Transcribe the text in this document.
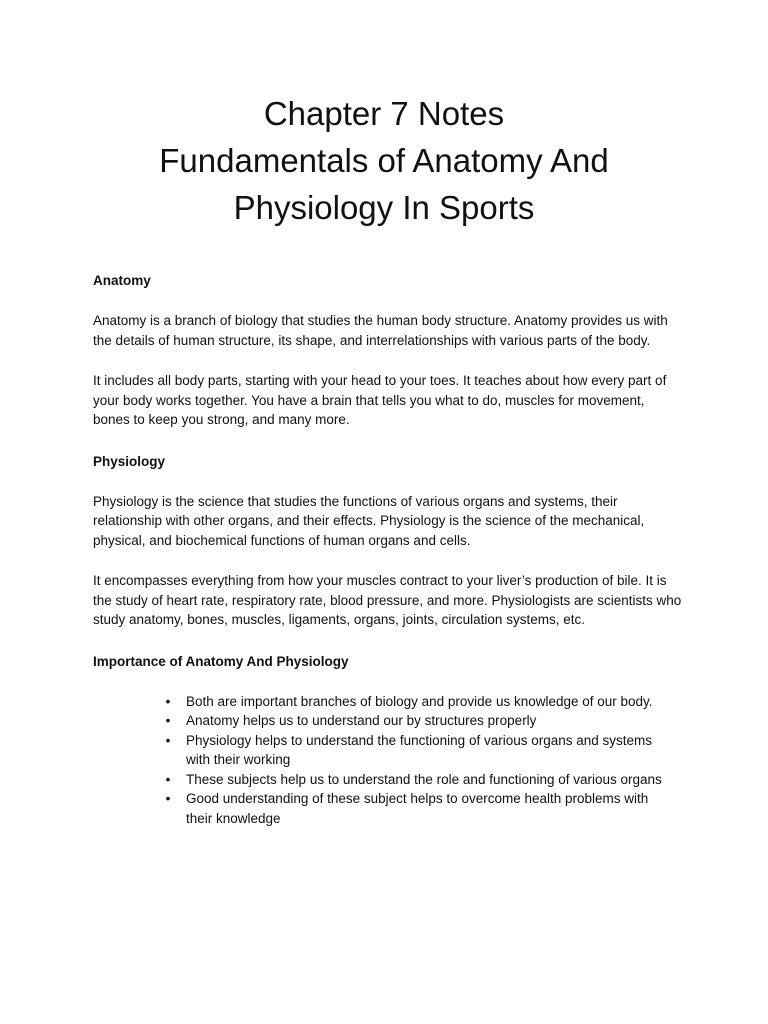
Chapter 7 Notes
Fundamentals of Anatomy And
Physiology In Sports

Anatomy

Anatomy is a branch of biology that studies the human body structure. Anatomy provides us with the details of human structure, its shape, and interrelationships with various parts of the body.

It includes all body parts, starting with your head to your toes. It teaches about how every part of your body works together. You have a brain that tells you what to do, muscles for movement, bones to keep you strong, and many more.

Physiology

Physiology is the science that studies the functions of various organs and systems, their relationship with other organs, and their effects. Physiology is the science of the mechanical, physical, and biochemical functions of human organs and cells.

It encompasses everything from how your muscles contract to your liver’s production of bile. It is the study of heart rate, respiratory rate, blood pressure, and more. Physiologists are scientists who study anatomy, bones, muscles, ligaments, organs, joints, circulation systems, etc.

Importance of Anatomy And Physiology

• Both are important branches of biology and provide us knowledge of our body.
• Anatomy helps us to understand our by structures properly
• Physiology helps to understand the functioning of various organs and systems with their working
• These subjects help us to understand the role and functioning of various organs
• Good understanding of these subject helps to overcome health problems with their knowledge
